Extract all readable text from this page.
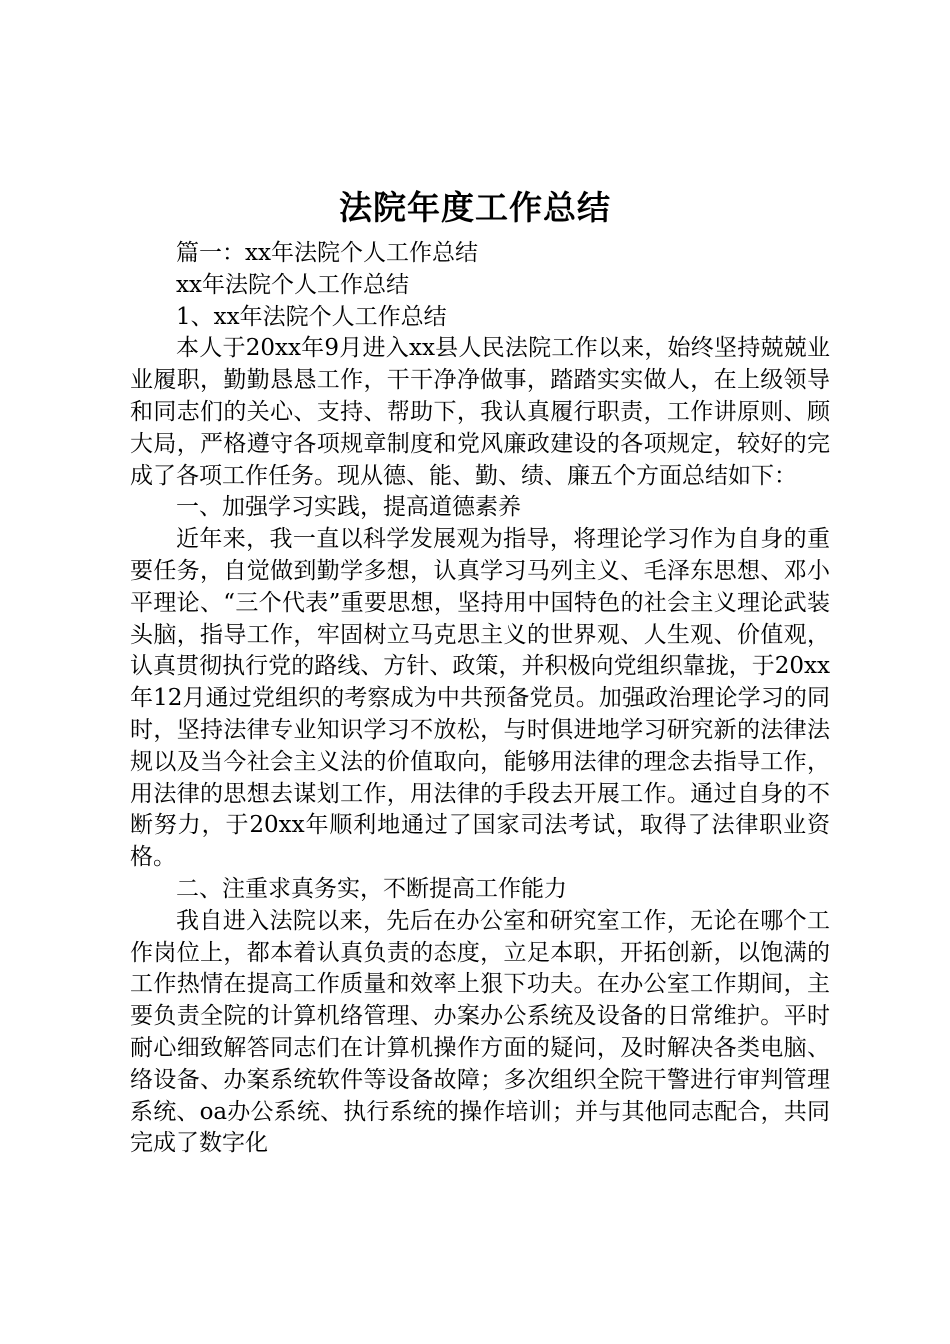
法院年度工作总结

篇一：xx年法院个人工作总结

xx年法院个人工作总结

1、xx年法院个人工作总结

本人于20xx年9月进入xx县人民法院工作以来，始终坚持兢兢业业履职，勤勤恳恳工作，干干净净做事，踏踏实实做人，在上级领导和同志们的关心、支持、帮助下，我认真履行职责，工作讲原则、顾大局，严格遵守各项规章制度和党风廉政建设的各项规定，较好的完成了各项工作任务。现从德、能、勤、绩、廉五个方面总结如下：

一、加强学习实践，提高道德素养

近年来，我一直以科学发展观为指导，将理论学习作为自身的重要任务，自觉做到勤学多想，认真学习马列主义、毛泽东思想、邓小平理论、“三个代表”重要思想，坚持用中国特色的社会主义理论武装头脑，指导工作，牢固树立马克思主义的世界观、人生观、价值观，认真贯彻执行党的路线、方针、政策，并积极向党组织靠拢，于20xx年12月通过党组织的考察成为中共预备党员。加强政治理论学习的同时，坚持法律专业知识学习不放松，与时俱进地学习研究新的法律法规以及当今社会主义法的价值取向，能够用法律的理念去指导工作，用法律的思想去谋划工作，用法律的手段去开展工作。通过自身的不断努力，于20xx年顺利地通过了国家司法考试，取得了法律职业资格。

二、注重求真务实，不断提高工作能力

我自进入法院以来，先后在办公室和研究室工作，无论在哪个工作岗位上，都本着认真负责的态度，立足本职，开拓创新，以饱满的工作热情在提高工作质量和效率上狠下功夫。在办公室工作期间，主要负责全院的计算机络管理、办案办公系统及设备的日常维护。平时耐心细致解答同志们在计算机操作方面的疑问，及时解决各类电脑、络设备、办案系统软件等设备故障；多次组织全院干警进行审判管理系统、oa办公系统、执行系统的操作培训；并与其他同志配合，共同完成了数字化
